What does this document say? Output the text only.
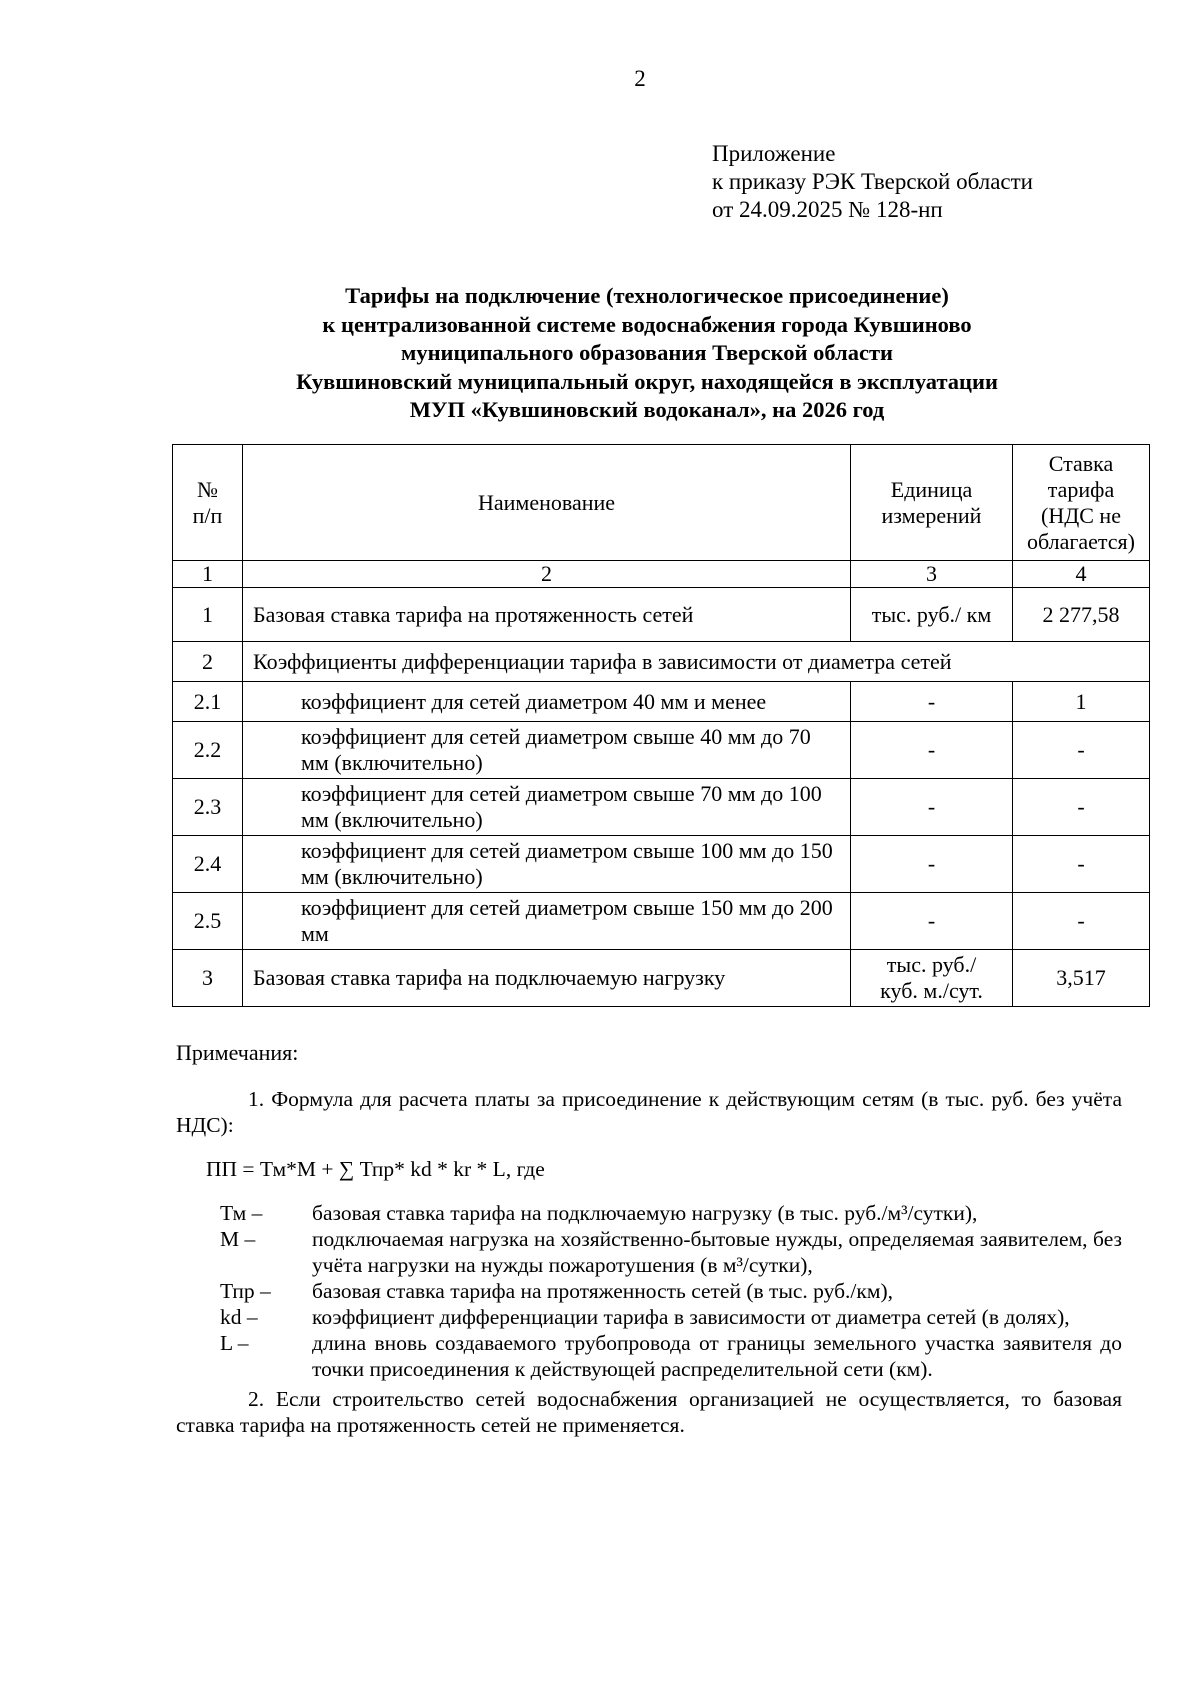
2
Приложение
к приказу РЭК Тверской области
от 24.09.2025 № 128-нп
Тарифы на подключение (технологическое присоединение)
к централизованной системе водоснабжения города Кувшиново
муниципального образования Тверской области
Кувшиновский муниципальный округ, находящейся в эксплуатации
МУП «Кувшиновский водоканал», на 2026 год
№ п/п	Наименование	Единица измерений	Ставка тарифа (НДС не облагается)
1	2	3	4
1	Базовая ставка тарифа на протяженность сетей	тыс. руб./ км	2 277,58
2	Коэффициенты дифференциации тарифа в зависимости от диаметра сетей		
2.1	коэффициент для сетей диаметром 40 мм и менее	-	1
2.2	коэффициент для сетей диаметром свыше 40 мм до 70 мм (включительно)	-	-
2.3	коэффициент для сетей диаметром свыше 70 мм до 100 мм (включительно)	-	-
2.4	коэффициент для сетей диаметром свыше 100 мм до 150 мм (включительно)	-	-
2.5	коэффициент для сетей диаметром свыше 150 мм до 200 мм	-	-
3	Базовая ставка тарифа на подключаемую нагрузку	тыс. руб./ куб. м./сут.	3,517
Примечания:

1. Формула для расчета платы за присоединение к действующим сетям (в тыс. руб. без учёта НДС):

ПП = Тм*М + ∑ Тпр* kd * kr * L, где

Тм –	базовая ставка тарифа на подключаемую нагрузку (в тыс. руб./м³/сутки),
М –	подключаемая нагрузка на хозяйственно-бытовые нужды, определяемая заявителем, без учёта нагрузки на нужды пожаротушения (в м³/сутки),
Тпр –	базовая ставка тарифа на протяженность сетей (в тыс. руб./км),
kd –	коэффициент дифференциации тарифа в зависимости от диаметра сетей (в долях),
L –	длина вновь создаваемого трубопровода от границы земельного участка заявителя до точки присоединения к действующей распределительной сети (км).

2. Если строительство сетей водоснабжения организацией не осуществляется, то базовая ставка тарифа на протяженность сетей не применяется.
